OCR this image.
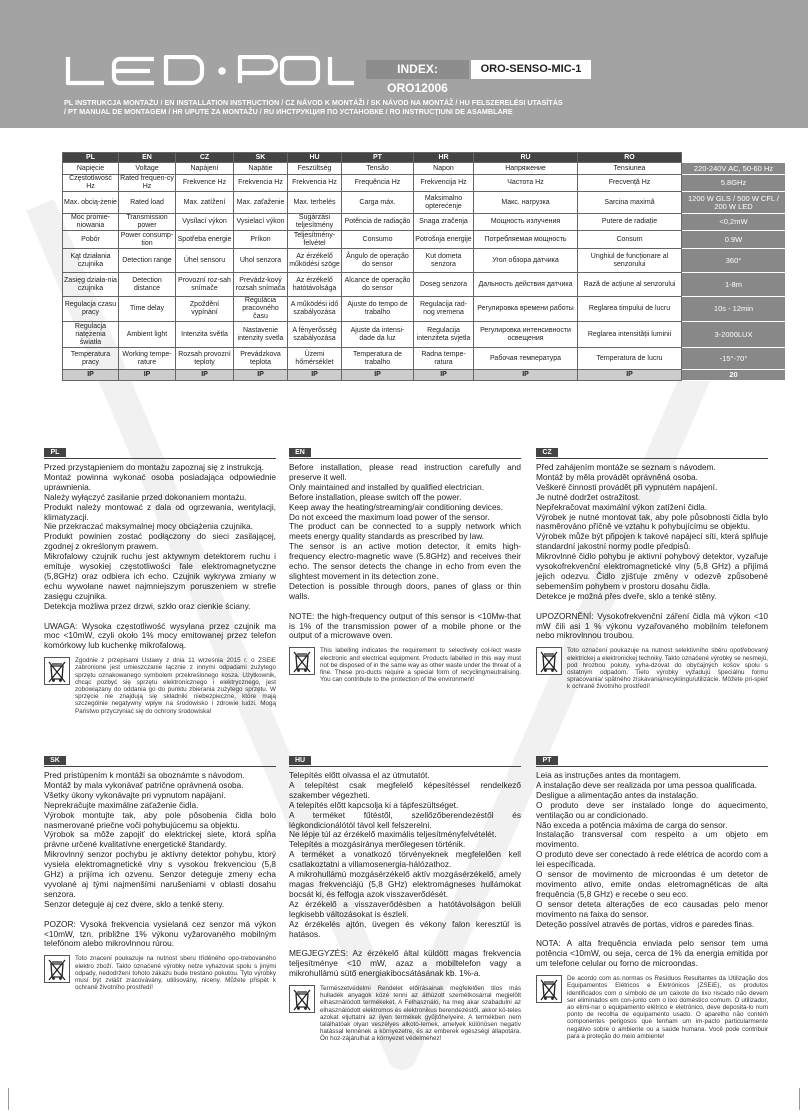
INDEX: ORO12006
ORO-SENSO-MIC-1
PL INSTRUKCJA MONTAŻU / EN INSTALLATION INSTRUCTION / CZ NÁVOD K MONTÁŽI / SK NÁVOD NA MONTÁŽ / HU FELSZERELÉSI UTASÍTÁS
/ PT MANUAL DE MONTAGEM / HR UPUTE ZA MONTAŽU / RU ИНСТРУКЦИЯ ПО УСТАНОВКЕ / RO INSTRUCȚIUNI DE ASAMBLARE
PL	EN	CZ	SK	HU	PT	HR	RU	RO	
Napięcie	Voltage	Napájení	Napätie	Feszültség	Tensão	Napon	Напряжение	Tensiunea	220-240V AC, 50-60 Hz
Częstotliwość Hz	Rated frequen-cy Hz	Frekvence Hz	Frekvencia Hz	Frekvencia Hz	Frequência Hz	Frekvencija Hz	Частота Hz	Frecvență Hz	5.8GHz
Max. obcią-żenie	Rated load	Max. zatížení	Max. zaťaženie	Max. terhelés	Carga máx.	Maksimalno opterećenje	Макс. нагрузка	Sarcina maximă	1200 W GLS / 500 W CFL / 200 W LED
Moc promie-niowania	Transmission power	Vysílací výkon	Vysielací výkon	Sugárzási teljesítmény	Potência de radiação	Snaga zračenja	Мощность излучения	Putere de radiație	<0,2mW
Pobór	Power consump-tion	Spotřeba energie	Príkon	Teljesítmény-felvétel	Consumo	Potrošnja energije	Потребляемая мощность	Consum	0.9W
Kąt działania czujnika	Detection range	Úhel sensoru	Uhol senzora	Az érzékelő működési szöge	Ângulo de operação do sensor	Kut dometa senzora	Угол обзора датчика	Unghiul de funcționare al senzorului	360°
Zasięg działa-nia czujnika	Detection distance	Provozní roz-sah snímače	Prevádz-kový rozsah snímača	Az érzékelő hatótávolsága	Alcance de operação do sensor	Doseg senzora	Дальность действия датчика	Rază de acțiune al senzorului	1-8m
Regulacja czasu pracy	Time delay	Zpoždění vypínání	Regulácia pracovného času	A működési idő szabályozása	Ajuste do tempo de trabalho	Regulacija rad-nog vremena	Регулировка времени работы	Reglarea timpului de lucru	10s - 12min
Regulacja natężenia światła	Ambient light	Intenzita světla	Nastavenie intenzity svetla	A fényerősség szabályozása	Ajuste da intensi-dade da luz	Regulacija intenziteta svjetla	Регулировка интенсивности освещения	Reglarea intensității luminii	3-2000LUX
Temperatura pracy	Working tempe-rature	Rozsah provozní teploty	Prevádzkova teplota	Üzemi hőmérséklet	Temperatura de trabalho	Radna tempe-ratura	Рабочая температура	Temperatura de lucru	-15°-70°
IP	IP	IP	IP	IP	IP	IP	IP	IP	20
PL
Przed przystąpieniem do montażu zapoznaj się z instrukcją.
Montaż powinna wykonać osoba posiadająca odpowiednie uprawnienia.
Należy wyłączyć zasilanie przed dokonaniem montażu.
Produkt należy montować z dala od ogrzewania, wentylacji, klimatyzacji.
Nie przekraczać maksymalnej mocy obciążenia czujnika.
Produkt powinien zostać podłączony do sieci zasilającej, zgodnej z określonym prawem.
Mikrofalowy czujnik ruchu jest aktywnym detektorem ruchu i emituje wysokiej częstotliwości fale elektromagnetyczne (5,8GHz) oraz odbiera ich echo. Czujnik wykrywa zmiany w echu wywołane nawet najmniejszym poruszeniem w strefie zasięgu czujnika.
Detekcja możliwa przez drzwi, szkło oraz cienkie ściany.

UWAGA: Wysoka częstotliwość wysyłana przez czujnik ma moc <10mW, czyli około 1% mocy emitowanej przez telefon komórkowy lub kuchenkę mikrofalową.
Zgodnie z przepisami Ustawy z dnia 11 września 2015 r. o ZSEiE zabronione jest umieszczanie łącznie z innymi odpadami zużytego sprzętu oznakowanego symbolem przekreślonego kosza. Użytkownik, chcąc pozbyć się sprzętu elektronicznego i elektrycznego, jest zobowiązany do oddania go do punktu zbierania zużytego sprzętu. W sprzęcie nie znajdują się składniki niebezpieczne, które mają szczególnie negatywny wpływ na środowisko i zdrowie ludzi. Mogą Państwo przyczyniać się do ochrony środowiska!
EN
Before installation, please read instruction carefully and preserve it well.
Only maintained and installed by qualified electrician.
Before installation, please switch off the power.
Keep away the heating/streaming/air conditioning devices.
Do not exceed the maximum load power of the sensor.
The product can be connected to a supply network which meets energy quality standards as prescribed by law.
The sensor is an active motion detector, it emits high-frequency electro-magnetic wave (5.8GHz) and receives their echo. The sensor detects the change in echo from even the slightest movement in its detection zone.
Detection is possible through doors, panes of glass or thin walls.

NOTE: the high-frequency output of this sensor is <10Mw-that is 1% of the transmission power of a mobile phone or the output of a microwave oven.
This labelling indicates the requirement to selectively col-lect waste electronic and electrical equipment. Products labelled in this way must not be disposed of in the same way as other waste under the threat of a fine. These pro-ducts require a special form of recycling/neutralising. You can contribute to the protection of the environment!
CZ
Před zahájením montáže se seznam s návodem.
Montáž by měla provádět oprávněná osoba.
Veškeré činnosti provádět při vypnutém napájení.
Je nutné dodržet ostražitost.
Nepřekračovat maximální výkon zatížení čidla.
Výrobek je nutné montovat tak, aby pole působnosti čidla bylo nasměrováno příčně ve vztahu k pohybujícímu se objektu.
Výrobek může být připojen k takové napájecí síti, která splňuje standardní jakostní normy podle předpisů.
Mikrovlnné čidlo pohybu je aktivní pohybový detektor, vyzařuje vysokofrekvenční elektromagnetické vlny (5,8 GHz) a přijímá jejich odezvu. Čidlo zjišťuje změny v odezvě způsobené sebemenším pohybem v prostoru dosahu čidla.
Detekce je možná přes dveře, sklo a tenké stěny.

UPOZORNĚNÍ: Vysokofrekvenční záření čidla má výkon <10 mW čili asi 1 % výkonu vyzařovaného mobilním telefonem nebo mikrovlnnou troubou.
Toto označení poukazuje na nutnost selektivního sběru opotřebovaný elektrickej a elektronickej techniky. Takto označené výrobky se nesmejú, pod hrozbou pokuty, vyha-dzovat do obyčajných košov spolu s ostatným odpadom. Tieto výrobky vyžadujú špeciálnu formu spracovania/ spätného získavania/recyklingu/utilizácie. Môžete pri-spieť k ochraně životního prostředí!
SK
Pred pristúpením k montáži sa oboznámte s návodom.
Montáž by mala vykonávať patrične oprávnená osoba.
Všetky úkony vykonávajte pri vypnutom napájaní.
Neprekračujte maximálne zaťaženie čidla.
Výrobok montujte tak, aby pole pôsobenia čidla bolo nasmerované priečne voči pohybujúcemu sa objektu.
Výrobok sa môže zapojiť do elektrickej siete, ktorá spĺňa právne určené kvalitatívne energetické štandardy.
Mikrovlnný senzor pochybu je aktívny detektor pohybu, ktorý vysiela elektromagnetické vlny s vysokou frekvenciou (5,8 GHz) a prijíma ich ozvenu. Senzor deteguje zmeny echa vyvolané aj tými najmenšími narušeniami v oblasti dosahu senzora.
Senzor deteguje aj cez dvere, sklo a tenké steny.

POZOR: Vysoká frekvencia vysielaná cez senzor má výkon <10mW, tzn. približne 1% výkonu vyžarovaného mobilným telefónom alebo mikrovlnnou rúrou.
Toto znacení poukazuje na nutnost sberu tříděného opo-trebovaného elektro zboží. Takto označené výrobky nelze vyhazovat spolu s jinými odpady, nedodržení tohoto zákazu bude trestáno pokutou. Tyto výrobky musí být zvlášť zracovávány, utilisovány, niceny. Můžete přispět k ochraně životního prostředí!
HU
Telepítés előtt olvassa el az útmutatót.
A telepítést csak megfelelő képesítéssel rendelkező szakember végezheti.
A telepítés előtt kapcsolja ki a tápfeszültséget.
A terméket fűtéstől, szellőzőberendezéstől és légkondicionálótól távol kell felszerelni.
Ne lépje túl az érzékelő maximális teljesítményfelvételét.
Telepítés a mozgásiránya merőlegesen történik.
A terméket a vonatkozó törvényeknek megfelelően kell csatlakoztatni a villamosenergia-hálózathoz.
A mikrohullámú mozgásérzékelő aktív mozgásérzékelő, amely magas frekvenciájú (5,8 GHz) elektromágneses hullámokat bocsát ki, és felfogja azok visszaverődését.
Az érzékelő a visszaverődésben a hatótávolságon belüli legkisebb változásokat is észleli.
Az érzékelés ajtón, üvegen és vékony falon keresztül is hatásos.

MEGJEGYZÉS: Az érzékelő által küldött magas frekvencia teljesítménye <10 mW, azaz a mobiltelefon vagy a mikrohullámú sütő energiakibocsátásának kb. 1%-a.
Természetvédelmi Rendelet előírásainak megfelelően tilos más hulladék anyagok közé tenni az áthúzott szemétkosárral megjelölt elhasználódott termékeket. A Felhasználó, ha meg akar szabadulni az elhasználódott elektromos és elektronikus berendezéstől, akkor kö-teles azokat eljuttatni az ilyen termékek gyűjtőhelyeire. A termékben nem találhatóak olyan veszélyes alkotó-lemek, amelyek különösen negatív hatással lennének a környezetre, és az emberek egészségi állapotára. Ön hoz-zájárulhat a környezet védelméhez!
PT
Leia as instruções antes da montagem.
A instalação deve ser realizada por uma pessoa qualificada.
Desligue a alimentação antes da instalação.
O produto deve ser instalado longe do aquecimento, ventilação ou ar condicionado.
Não exceda a potência máxima de carga do sensor.
Instalação transversal com respeito a um objeto em movimento.
O produto deve ser conectado à rede elétrica de acordo com a lei específicada.
O sensor de movimento de microondas é um detetor de movimento ativo, emite ondas eletromagnéticas de alta frequência (5,8 GHz) e recebe o seu eco.
O sensor deteta alterações de eco causadas pelo menor movimento na faixa do sensor.
Deteção possível através de portas, vidros e paredes finas.

NOTA: A alta frequência enviada pelo sensor tem uma potência <10mW, ou seja, cerca de 1% da energia emitida por um telefone celular ou forno de microondas.
De acordo com as normas os Resíduos Resultantes da Utilização dos Equipamentos Elétricos e Eletrónicos (ZSEiE), os produtos identificados com o símbolo de um caixote do lixo riscado não devem ser eliminados em con-junto com o lixo doméstico comum. O utilizador, ao elimi-nar o equipamento elétrico e eletrónico, deve deposita-lo num ponto de recolha de equipamento usado. O aparelho não contém componentes perigosos que tenham um im-pacto particularmente negativo sobre o ambiente ou a saúde humana. Você pode contribuir para a proteção do meio ambiente!
